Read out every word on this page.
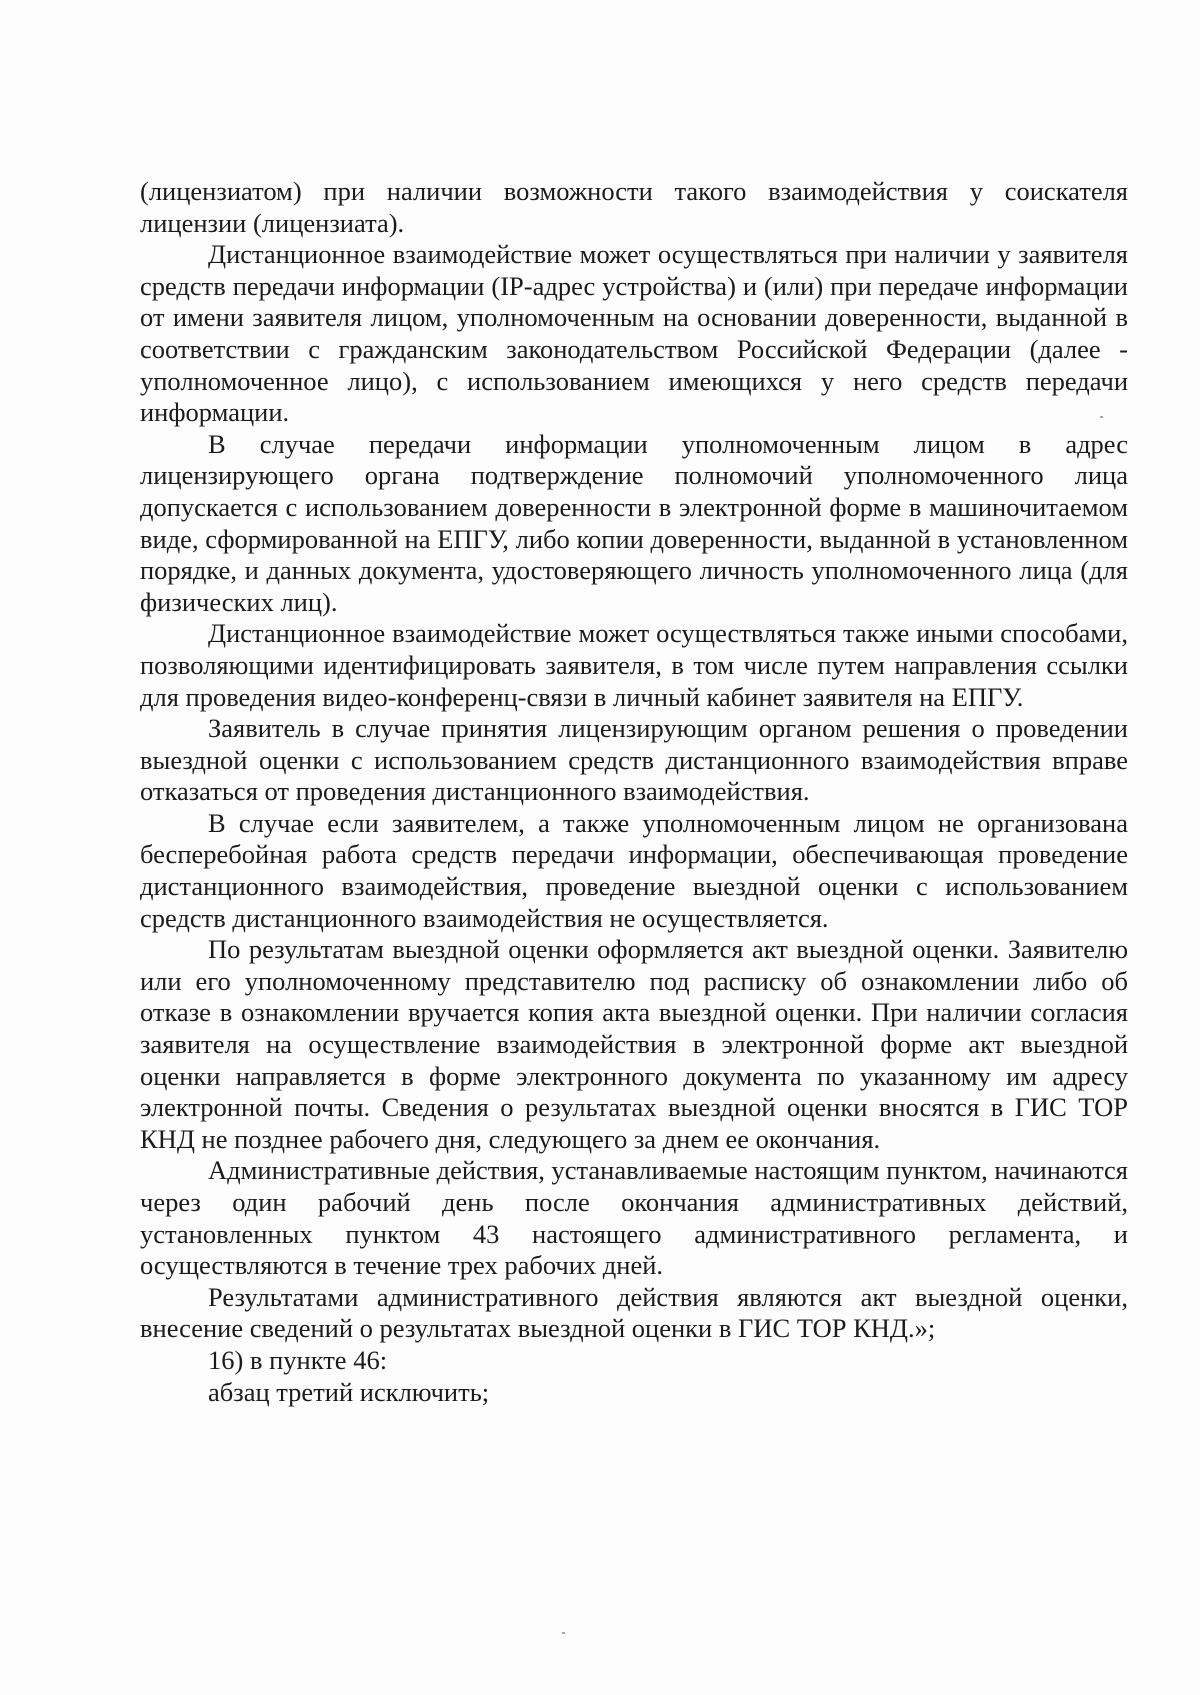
(лицензиатом) при наличии возможности такого взаимодействия у соискателя лицензии (лицензиата).

Дистанционное взаимодействие может осуществляться при наличии у заявителя средств передачи информации (IP-адрес устройства) и (или) при передаче информации от имени заявителя лицом, уполномоченным на основании доверенности, выданной в соответствии с гражданским законодательством Российской Федерации (далее - уполномоченное лицо), с использованием имеющихся у него средств передачи информации.

В случае передачи информации уполномоченным лицом в адрес лицензирующего органа подтверждение полномочий уполномоченного лица допускается с использованием доверенности в электронной форме в машиночитаемом виде, сформированной на ЕПГУ, либо копии доверенности, выданной в установленном порядке, и данных документа, удостоверяющего личность уполномоченного лица (для физических лиц).

Дистанционное взаимодействие может осуществляться также иными способами, позволяющими идентифицировать заявителя, в том числе путем направления ссылки для проведения видео-конференц-связи в личный кабинет заявителя на ЕПГУ.

Заявитель в случае принятия лицензирующим органом решения о проведении выездной оценки с использованием средств дистанционного взаимодействия вправе отказаться от проведения дистанционного взаимодействия.

В случае если заявителем, а также уполномоченным лицом не организована бесперебойная работа средств передачи информации, обеспечивающая проведение дистанционного взаимодействия, проведение выездной оценки с использованием средств дистанционного взаимодействия не осуществляется.

По результатам выездной оценки оформляется акт выездной оценки. Заявителю или его уполномоченному представителю под расписку об ознакомлении либо об отказе в ознакомлении вручается копия акта выездной оценки. При наличии согласия заявителя на осуществление взаимодействия в электронной форме акт выездной оценки направляется в форме электронного документа по указанному им адресу электронной почты. Сведения о результатах выездной оценки вносятся в ГИС ТОР КНД не позднее рабочего дня, следующего за днем ее окончания.

Административные действия, устанавливаемые настоящим пунктом, начинаются через один рабочий день после окончания административных действий, установленных пунктом 43 настоящего административного регламента, и осуществляются в течение трех рабочих дней.

Результатами административного действия являются акт выездной оценки, внесение сведений о результатах выездной оценки в ГИС ТОР КНД.»;

16) в пункте 46:

абзац третий исключить;
